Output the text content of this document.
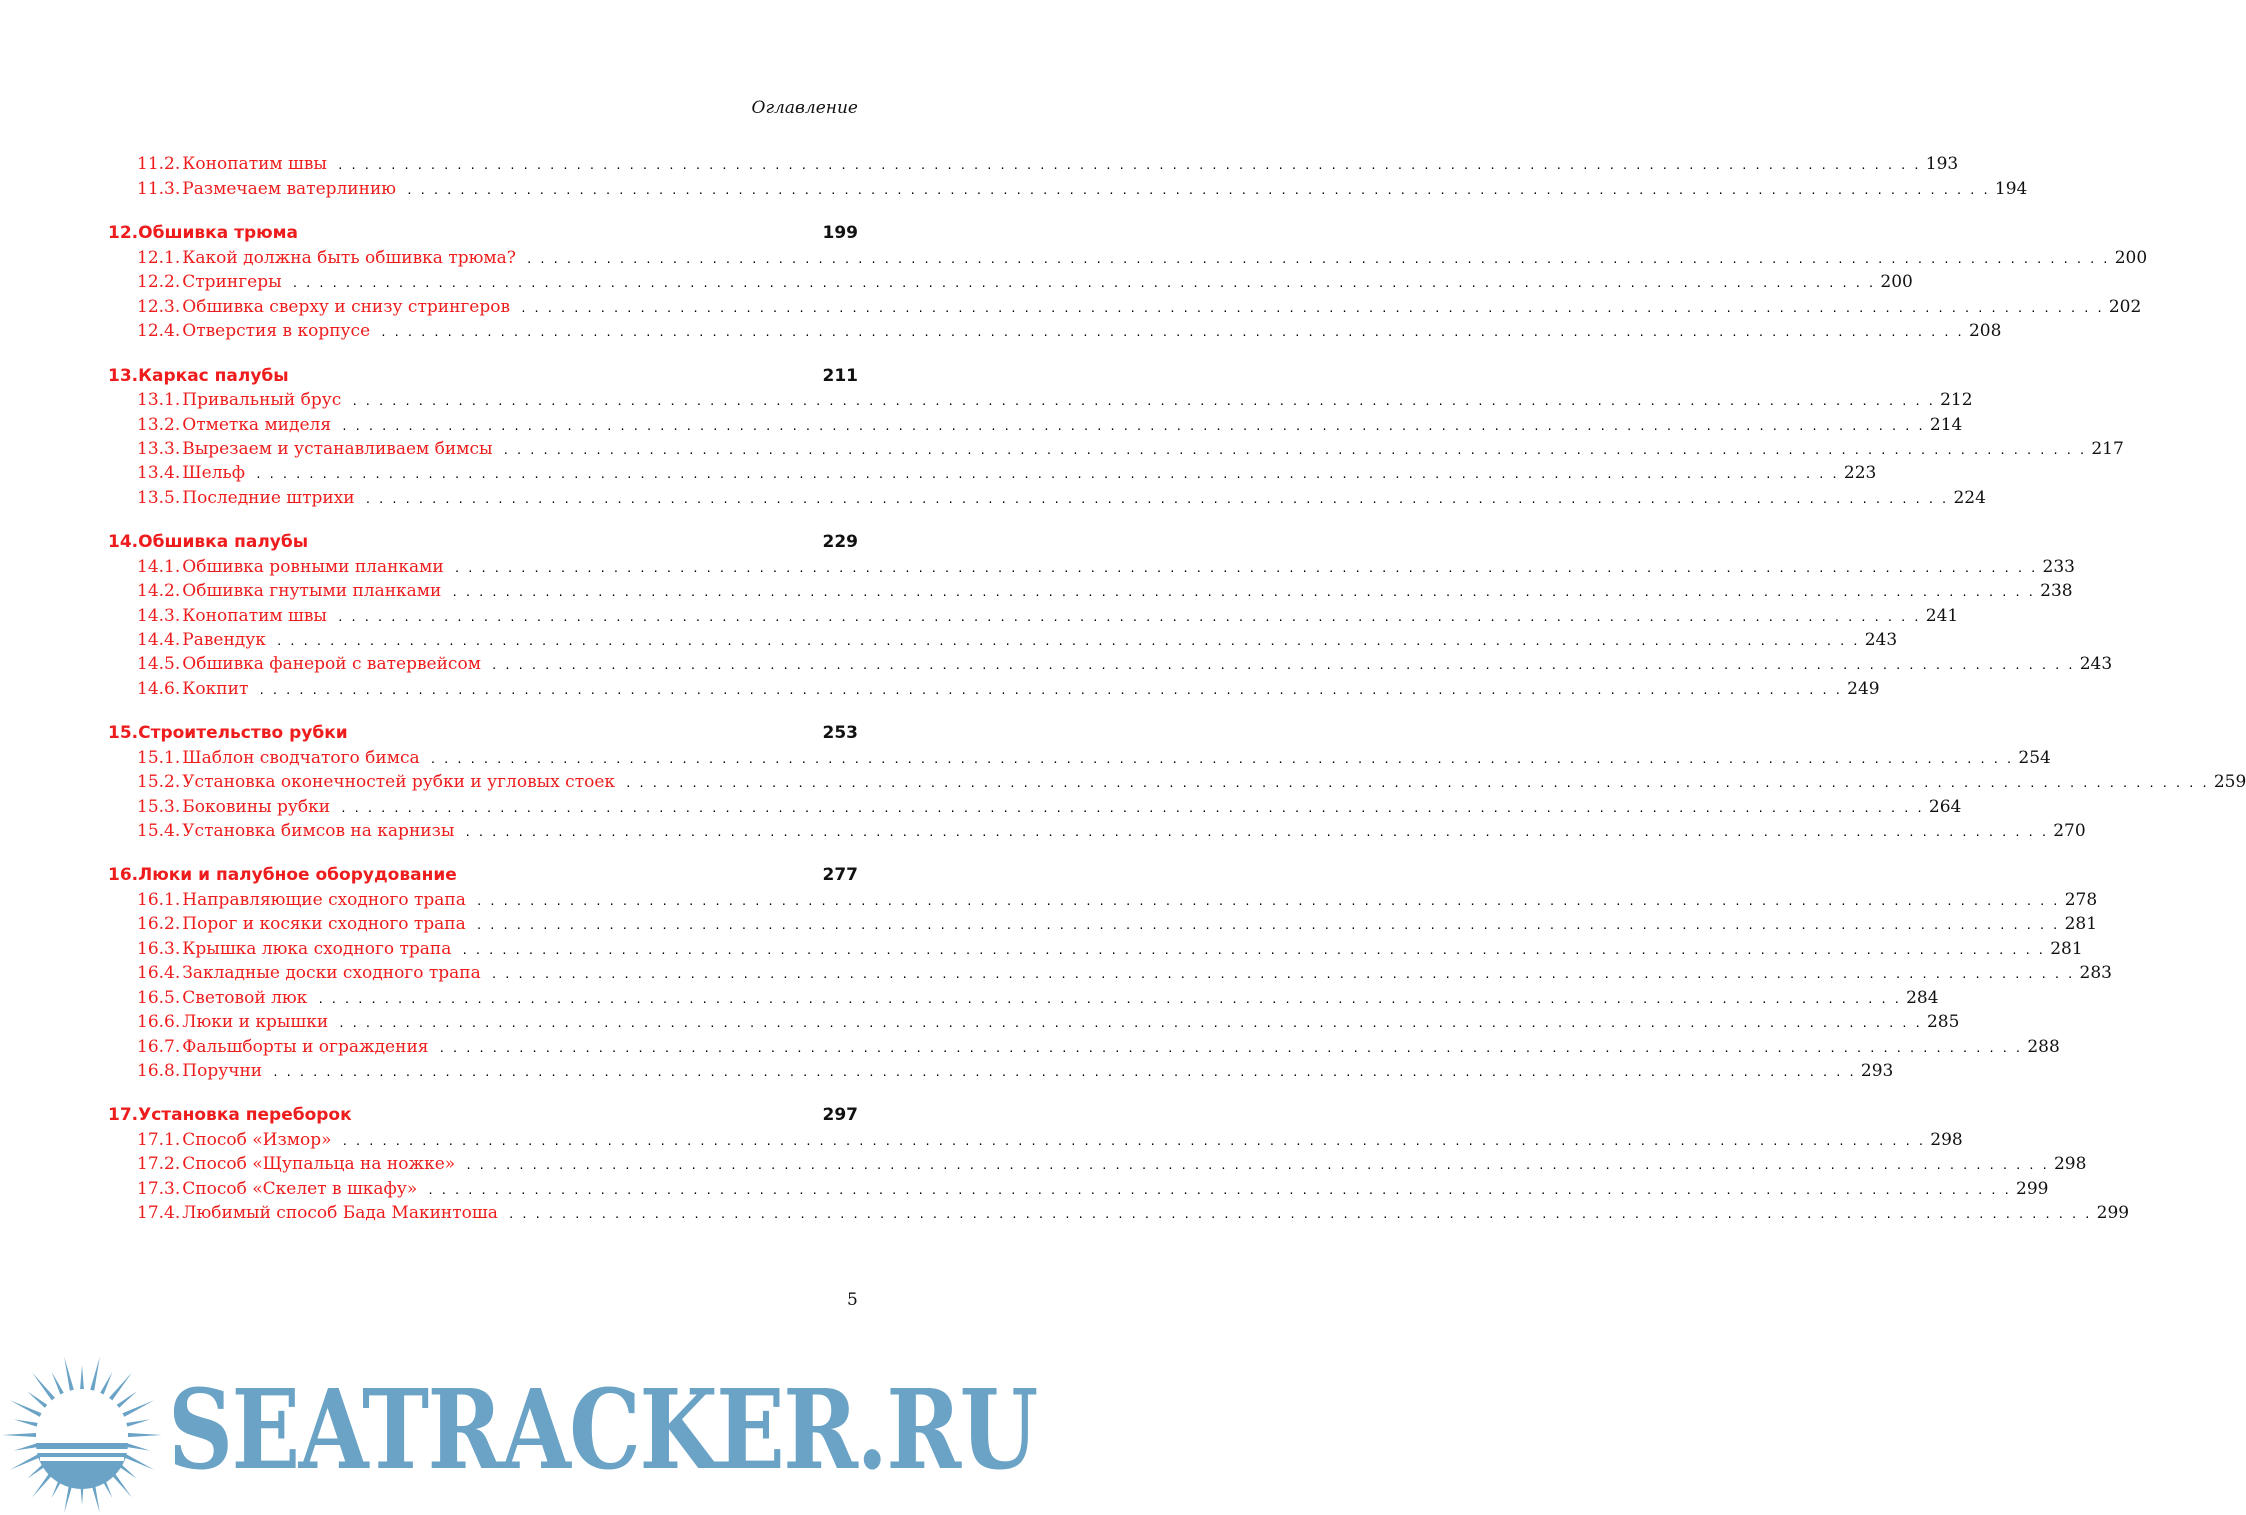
Оглавление
11.2. Конопатим швы . . . . . . . . . . . . . . . . . . . . . . . . . . . . . . . . . . . . . . . . . . . . . . . . . . . . . . . . . . . . . . . . . . . . . . . . . . . . . . . . . . . . . . . . . . . . . . . . . . . . . . . . . . . . . . . . . . . . . . . . 193
11.3. Размечаем ватерлинию . . . . . . . . . . . . . . . . . . . . . . . . . . . . . . . . . . . . . . . . . . . . . . . . . . . . . . . . . . . . . . . . . . . . . . . . . . . . . . . . . . . . . . . . . . . . . . . . . . . . . . . . . . . . . . . . . . . . . . . . 194
12. Обшивка трюма	199
12.1. Какой должна быть обшивка трюма? . . . . . . . . . . . . . . . . . . . . . . . . . . . . . . . . . . . . . . . . . . . . . . . . . . . . . . . . . . . . . . . . . . . . . . . . . . . . . . . . . . . . . . . . . . . . . . . . . . . . . . . . . . . . . . . . . . . . . . . . 200
12.2. Стрингеры . . . . . . . . . . . . . . . . . . . . . . . . . . . . . . . . . . . . . . . . . . . . . . . . . . . . . . . . . . . . . . . . . . . . . . . . . . . . . . . . . . . . . . . . . . . . . . . . . . . . . . . . . . . . . . . . . . . . . . . . 200
12.3. Обшивка сверху и снизу стрингеров . . . . . . . . . . . . . . . . . . . . . . . . . . . . . . . . . . . . . . . . . . . . . . . . . . . . . . . . . . . . . . . . . . . . . . . . . . . . . . . . . . . . . . . . . . . . . . . . . . . . . . . . . . . . . . . . . . . . . . . . 202
12.4. Отверстия в корпусе . . . . . . . . . . . . . . . . . . . . . . . . . . . . . . . . . . . . . . . . . . . . . . . . . . . . . . . . . . . . . . . . . . . . . . . . . . . . . . . . . . . . . . . . . . . . . . . . . . . . . . . . . . . . . . . . . . . . . . . . 208
13. Каркас палубы	211
13.1. Привальный брус . . . . . . . . . . . . . . . . . . . . . . . . . . . . . . . . . . . . . . . . . . . . . . . . . . . . . . . . . . . . . . . . . . . . . . . . . . . . . . . . . . . . . . . . . . . . . . . . . . . . . . . . . . . . . . . . . . . . . . . . 212
13.2. Отметка миделя . . . . . . . . . . . . . . . . . . . . . . . . . . . . . . . . . . . . . . . . . . . . . . . . . . . . . . . . . . . . . . . . . . . . . . . . . . . . . . . . . . . . . . . . . . . . . . . . . . . . . . . . . . . . . . . . . . . . . . . . 214
13.3. Вырезаем и устанавливаем бимсы . . . . . . . . . . . . . . . . . . . . . . . . . . . . . . . . . . . . . . . . . . . . . . . . . . . . . . . . . . . . . . . . . . . . . . . . . . . . . . . . . . . . . . . . . . . . . . . . . . . . . . . . . . . . . . . . . . . . . . . . 217
13.4. Шельф . . . . . . . . . . . . . . . . . . . . . . . . . . . . . . . . . . . . . . . . . . . . . . . . . . . . . . . . . . . . . . . . . . . . . . . . . . . . . . . . . . . . . . . . . . . . . . . . . . . . . . . . . . . . . . . . . . . . . . . . 223
13.5. Последние штрихи . . . . . . . . . . . . . . . . . . . . . . . . . . . . . . . . . . . . . . . . . . . . . . . . . . . . . . . . . . . . . . . . . . . . . . . . . . . . . . . . . . . . . . . . . . . . . . . . . . . . . . . . . . . . . . . . . . . . . . . . 224
14. Обшивка палубы	229
14.1. Обшивка ровными планками . . . . . . . . . . . . . . . . . . . . . . . . . . . . . . . . . . . . . . . . . . . . . . . . . . . . . . . . . . . . . . . . . . . . . . . . . . . . . . . . . . . . . . . . . . . . . . . . . . . . . . . . . . . . . . . . . . . . . . . . 233
14.2. Обшивка гнутыми планками . . . . . . . . . . . . . . . . . . . . . . . . . . . . . . . . . . . . . . . . . . . . . . . . . . . . . . . . . . . . . . . . . . . . . . . . . . . . . . . . . . . . . . . . . . . . . . . . . . . . . . . . . . . . . . . . . . . . . . . . 238
14.3. Конопатим швы . . . . . . . . . . . . . . . . . . . . . . . . . . . . . . . . . . . . . . . . . . . . . . . . . . . . . . . . . . . . . . . . . . . . . . . . . . . . . . . . . . . . . . . . . . . . . . . . . . . . . . . . . . . . . . . . . . . . . . . . 241
14.4. Равендук . . . . . . . . . . . . . . . . . . . . . . . . . . . . . . . . . . . . . . . . . . . . . . . . . . . . . . . . . . . . . . . . . . . . . . . . . . . . . . . . . . . . . . . . . . . . . . . . . . . . . . . . . . . . . . . . . . . . . . . . 243
14.5. Обшивка фанерой с ватервейсом . . . . . . . . . . . . . . . . . . . . . . . . . . . . . . . . . . . . . . . . . . . . . . . . . . . . . . . . . . . . . . . . . . . . . . . . . . . . . . . . . . . . . . . . . . . . . . . . . . . . . . . . . . . . . . . . . . . . . . . . 243
14.6. Кокпит . . . . . . . . . . . . . . . . . . . . . . . . . . . . . . . . . . . . . . . . . . . . . . . . . . . . . . . . . . . . . . . . . . . . . . . . . . . . . . . . . . . . . . . . . . . . . . . . . . . . . . . . . . . . . . . . . . . . . . . . 249
15. Строительство рубки	253
15.1. Шаблон сводчатого бимса . . . . . . . . . . . . . . . . . . . . . . . . . . . . . . . . . . . . . . . . . . . . . . . . . . . . . . . . . . . . . . . . . . . . . . . . . . . . . . . . . . . . . . . . . . . . . . . . . . . . . . . . . . . . . . . . . . . . . . . . 254
15.2. Установка оконечностей рубки и угловых стоек . . . . . . . . . . . . . . . . . . . . . . . . . . . . . . . . . . . . . . . . . . . . . . . . . . . . . . . . . . . . . . . . . . . . . . . . . . . . . . . . . . . . . . . . . . . . . . . . . . . . . . . . . . . . . . . . . . . . . . . . 259
15.3. Боковины рубки . . . . . . . . . . . . . . . . . . . . . . . . . . . . . . . . . . . . . . . . . . . . . . . . . . . . . . . . . . . . . . . . . . . . . . . . . . . . . . . . . . . . . . . . . . . . . . . . . . . . . . . . . . . . . . . . . . . . . . . . 264
15.4. Установка бимсов на карнизы . . . . . . . . . . . . . . . . . . . . . . . . . . . . . . . . . . . . . . . . . . . . . . . . . . . . . . . . . . . . . . . . . . . . . . . . . . . . . . . . . . . . . . . . . . . . . . . . . . . . . . . . . . . . . . . . . . . . . . . . 270
16. Люки и палубное оборудование	277
16.1. Направляющие сходного трапа . . . . . . . . . . . . . . . . . . . . . . . . . . . . . . . . . . . . . . . . . . . . . . . . . . . . . . . . . . . . . . . . . . . . . . . . . . . . . . . . . . . . . . . . . . . . . . . . . . . . . . . . . . . . . . . . . . . . . . . . 278
16.2. Порог и косяки сходного трапа . . . . . . . . . . . . . . . . . . . . . . . . . . . . . . . . . . . . . . . . . . . . . . . . . . . . . . . . . . . . . . . . . . . . . . . . . . . . . . . . . . . . . . . . . . . . . . . . . . . . . . . . . . . . . . . . . . . . . . . . 281
16.3. Крышка люка сходного трапа . . . . . . . . . . . . . . . . . . . . . . . . . . . . . . . . . . . . . . . . . . . . . . . . . . . . . . . . . . . . . . . . . . . . . . . . . . . . . . . . . . . . . . . . . . . . . . . . . . . . . . . . . . . . . . . . . . . . . . . . 281
16.4. Закладные доски сходного трапа . . . . . . . . . . . . . . . . . . . . . . . . . . . . . . . . . . . . . . . . . . . . . . . . . . . . . . . . . . . . . . . . . . . . . . . . . . . . . . . . . . . . . . . . . . . . . . . . . . . . . . . . . . . . . . . . . . . . . . . . 283
16.5. Световой люк . . . . . . . . . . . . . . . . . . . . . . . . . . . . . . . . . . . . . . . . . . . . . . . . . . . . . . . . . . . . . . . . . . . . . . . . . . . . . . . . . . . . . . . . . . . . . . . . . . . . . . . . . . . . . . . . . . . . . . . . 284
16.6. Люки и крышки . . . . . . . . . . . . . . . . . . . . . . . . . . . . . . . . . . . . . . . . . . . . . . . . . . . . . . . . . . . . . . . . . . . . . . . . . . . . . . . . . . . . . . . . . . . . . . . . . . . . . . . . . . . . . . . . . . . . . . . . 285
16.7. Фальшборты и ограждения . . . . . . . . . . . . . . . . . . . . . . . . . . . . . . . . . . . . . . . . . . . . . . . . . . . . . . . . . . . . . . . . . . . . . . . . . . . . . . . . . . . . . . . . . . . . . . . . . . . . . . . . . . . . . . . . . . . . . . . . 288
16.8. Поручни . . . . . . . . . . . . . . . . . . . . . . . . . . . . . . . . . . . . . . . . . . . . . . . . . . . . . . . . . . . . . . . . . . . . . . . . . . . . . . . . . . . . . . . . . . . . . . . . . . . . . . . . . . . . . . . . . . . . . . . . 293
17. Установка переборок	297
17.1. Способ «Измор» . . . . . . . . . . . . . . . . . . . . . . . . . . . . . . . . . . . . . . . . . . . . . . . . . . . . . . . . . . . . . . . . . . . . . . . . . . . . . . . . . . . . . . . . . . . . . . . . . . . . . . . . . . . . . . . . . . . . . . . . 298
17.2. Способ «Щупальца на ножке» . . . . . . . . . . . . . . . . . . . . . . . . . . . . . . . . . . . . . . . . . . . . . . . . . . . . . . . . . . . . . . . . . . . . . . . . . . . . . . . . . . . . . . . . . . . . . . . . . . . . . . . . . . . . . . . . . . . . . . . . 298
17.3. Способ «Скелет в шкафу» . . . . . . . . . . . . . . . . . . . . . . . . . . . . . . . . . . . . . . . . . . . . . . . . . . . . . . . . . . . . . . . . . . . . . . . . . . . . . . . . . . . . . . . . . . . . . . . . . . . . . . . . . . . . . . . . . . . . . . . . 299
17.4. Любимый способ Бада Макинтоша . . . . . . . . . . . . . . . . . . . . . . . . . . . . . . . . . . . . . . . . . . . . . . . . . . . . . . . . . . . . . . . . . . . . . . . . . . . . . . . . . . . . . . . . . . . . . . . . . . . . . . . . . . . . . . . . . . . . . . . . 299
5
SEATRACKER.RU
